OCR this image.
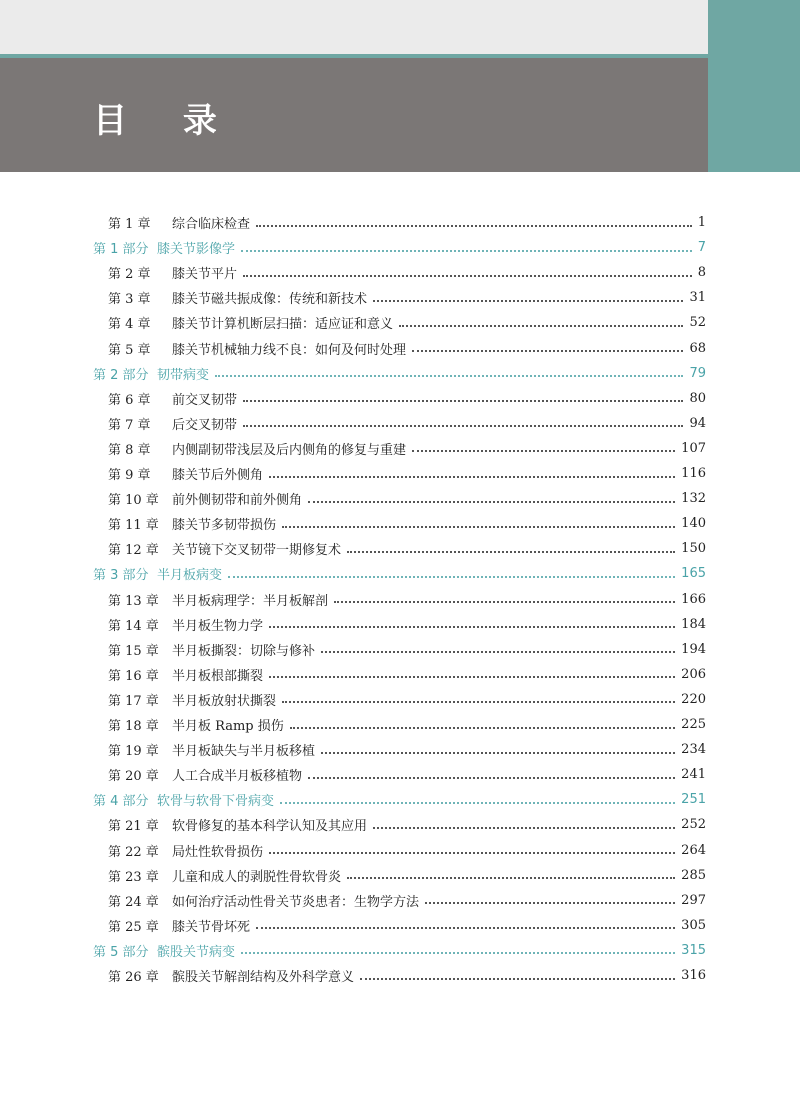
目 录
第 1 章	综合临床检查	1
第 1 部分 膝关节影像学	7
第 2 章	膝关节平片	8
第 3 章	膝关节磁共振成像：传统和新技术	31
第 4 章	膝关节计算机断层扫描：适应证和意义	52
第 5 章	膝关节机械轴力线不良：如何及何时处理	68
第 2 部分 韧带病变	79
第 6 章	前交叉韧带	80
第 7 章	后交叉韧带	94
第 8 章	内侧副韧带浅层及后内侧角的修复与重建	107
第 9 章	膝关节后外侧角	116
第 10 章	前外侧韧带和前外侧角	132
第 11 章	膝关节多韧带损伤	140
第 12 章	关节镜下交叉韧带一期修复术	150
第 3 部分 半月板病变	165
第 13 章	半月板病理学：半月板解剖	166
第 14 章	半月板生物力学	184
第 15 章	半月板撕裂：切除与修补	194
第 16 章	半月板根部撕裂	206
第 17 章	半月板放射状撕裂	220
第 18 章	半月板 Ramp 损伤	225
第 19 章	半月板缺失与半月板移植	234
第 20 章	人工合成半月板移植物	241
第 4 部分 软骨与软骨下骨病变	251
第 21 章	软骨修复的基本科学认知及其应用	252
第 22 章	局灶性软骨损伤	264
第 23 章	儿童和成人的剥脱性骨软骨炎	285
第 24 章	如何治疗活动性骨关节炎患者：生物学方法	297
第 25 章	膝关节骨坏死	305
第 5 部分 髌股关节病变	315
第 26 章	髌股关节解剖结构及外科学意义	316
